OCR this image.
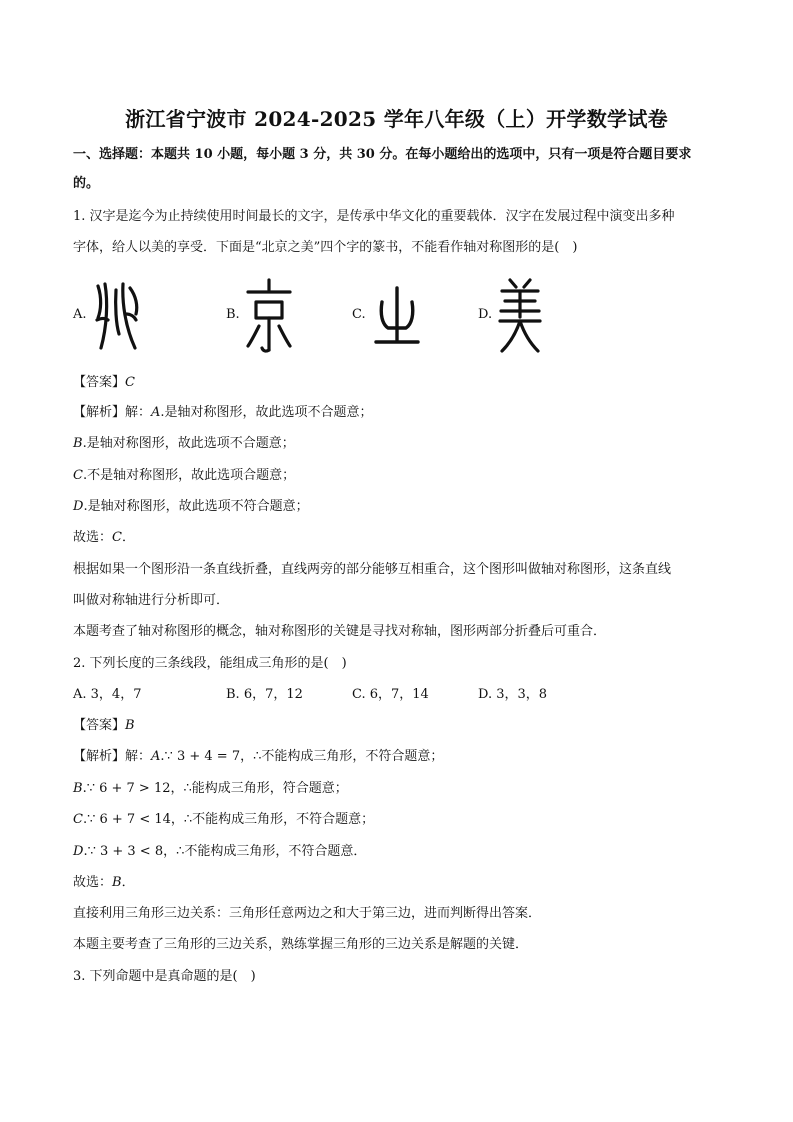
浙江省宁波市 2024-2025 学年八年级（上）开学数学试卷
一、选择题：本题共 10 小题，每小题 3 分，共 30 分。在每小题给出的选项中，只有一项是符合题目要求
的。
1. 汉字是迄今为止持续使用时间最长的文字，是传承中华文化的重要载体．汉字在发展过程中演变出多种
字体，给人以美的享受．下面是“北京之美”四个字的篆书，不能看作轴对称图形的是(　)
A.	B.	C.	D.
【答案】C
【解析】解：A.是轴对称图形，故此选项不合题意；
B.是轴对称图形，故此选项不合题意；
C.不是轴对称图形，故此选项合题意；
D.是轴对称图形，故此选项不符合题意；
故选：C．
根据如果一个图形沿一条直线折叠，直线两旁的部分能够互相重合，这个图形叫做轴对称图形，这条直线
叫做对称轴进行分析即可．
本题考查了轴对称图形的概念，轴对称图形的关键是寻找对称轴，图形两部分折叠后可重合．
2. 下列长度的三条线段，能组成三角形的是(　)
A. 3，4，7	B. 6，7，12	C. 6，7，14	D. 3，3，8
【答案】B
【解析】解：A.∵ 3 + 4 = 7，∴不能构成三角形，不符合题意；
B.∵ 6 + 7 > 12，∴能构成三角形，符合题意；
C.∵ 6 + 7 < 14，∴不能构成三角形，不符合题意；
D.∵ 3 + 3 < 8，∴不能构成三角形，不符合题意．
故选：B．
直接利用三角形三边关系：三角形任意两边之和大于第三边，进而判断得出答案．
本题主要考查了三角形的三边关系，熟练掌握三角形的三边关系是解题的关键．
3. 下列命题中是真命题的是(　)
